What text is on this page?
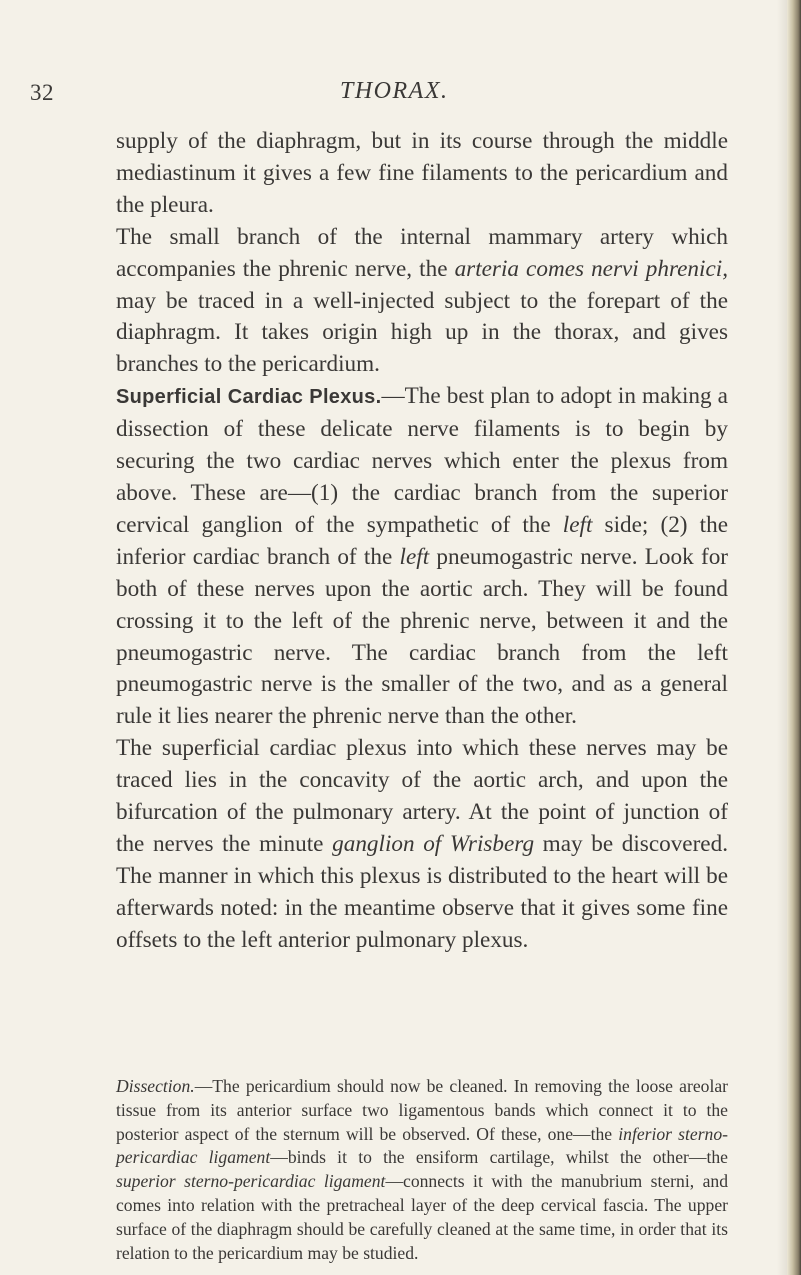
32	THORAX.

supply of the diaphragm, but in its course through the middle mediastinum it gives a few fine filaments to the pericardium and the pleura.

The small branch of the internal mammary artery which accompanies the phrenic nerve, the arteria comes nervi phrenici, may be traced in a well-injected subject to the forepart of the diaphragm. It takes origin high up in the thorax, and gives branches to the pericardium.

Superficial Cardiac Plexus.—The best plan to adopt in making a dissection of these delicate nerve filaments is to begin by securing the two cardiac nerves which enter the plexus from above. These are—(1) the cardiac branch from the superior cervical ganglion of the sympathetic of the left side; (2) the inferior cardiac branch of the left pneumogastric nerve. Look for both of these nerves upon the aortic arch. They will be found crossing it to the left of the phrenic nerve, between it and the pneumogastric nerve. The cardiac branch from the left pneumogastric nerve is the smaller of the two, and as a general rule it lies nearer the phrenic nerve than the other.

The superficial cardiac plexus into which these nerves may be traced lies in the concavity of the aortic arch, and upon the bifurcation of the pulmonary artery. At the point of junction of the nerves the minute ganglion of Wrisberg may be discovered. The manner in which this plexus is distributed to the heart will be afterwards noted: in the meantime observe that it gives some fine offsets to the left anterior pulmonary plexus.

Dissection.—The pericardium should now be cleaned. In removing the loose areolar tissue from its anterior surface two ligamentous bands which connect it to the posterior aspect of the sternum will be observed. Of these, one—the inferior sterno-pericardiac ligament—binds it to the ensiform cartilage, whilst the other—the superior sterno-pericardiac ligament—connects it with the manubrium sterni, and comes into relation with the pretracheal layer of the deep cervical fascia. The upper surface of the diaphragm should be carefully cleaned at the same time, in order that its relation to the pericardium may be studied.
